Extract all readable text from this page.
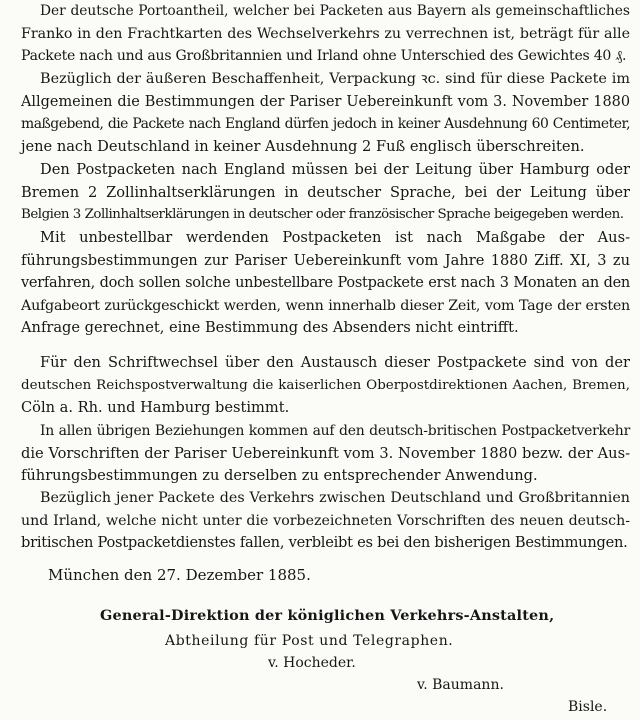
Der deutsche Portoantheil, welcher bei Packeten aus Bayern als gemeinschaftliches
Franko in den Frachtkarten des Wechselverkehrs zu verrechnen ist, beträgt für alle
Packete nach und aus Großbritannien und Irland ohne Unterschied des Gewichtes 40 ₰.
Bezüglich der äußeren Beschaffenheit, Verpackung ꝛc. sind für diese Packete im
Allgemeinen die Bestimmungen der Pariser Uebereinkunft vom 3. November 1880
maßgebend, die Packete nach England dürfen jedoch in keiner Ausdehnung 60 Centimeter,
jene nach Deutschland in keiner Ausdehnung 2 Fuß englisch überschreiten.
Den Postpacketen nach England müssen bei der Leitung über Hamburg oder
Bremen 2 Zollinhaltserklärungen in deutscher Sprache, bei der Leitung über
Belgien 3 Zollinhaltserklärungen in deutscher oder französischer Sprache beigegeben werden.
Mit unbestellbar werdenden Postpacketen ist nach Maßgabe der Aus-
führungsbestimmungen zur Pariser Uebereinkunft vom Jahre 1880 Ziff. XI, 3 zu
verfahren, doch sollen solche unbestellbare Postpackete erst nach 3 Monaten an den
Aufgabeort zurückgeschickt werden, wenn innerhalb dieser Zeit, vom Tage der ersten
Anfrage gerechnet, eine Bestimmung des Absenders nicht eintrifft.
Für den Schriftwechsel über den Austausch dieser Postpackete sind von der
deutschen Reichspostverwaltung die kaiserlichen Oberpostdirektionen Aachen, Bremen,
Cöln a. Rh. und Hamburg bestimmt.
In allen übrigen Beziehungen kommen auf den deutsch-britischen Postpacketverkehr
die Vorschriften der Pariser Uebereinkunft vom 3. November 1880 bezw. der Aus-
führungsbestimmungen zu derselben zu entsprechender Anwendung.
Bezüglich jener Packete des Verkehrs zwischen Deutschland und Großbritannien
und Irland, welche nicht unter die vorbezeichneten Vorschriften des neuen deutsch-
britischen Postpacketdienstes fallen, verbleibt es bei den bisherigen Bestimmungen.
München den 27. Dezember 1885.
General-Direktion der königlichen Verkehrs-Anstalten,
Abtheilung für Post und Telegraphen.
v. Hocheder.
v. Baumann.
Bisle.
